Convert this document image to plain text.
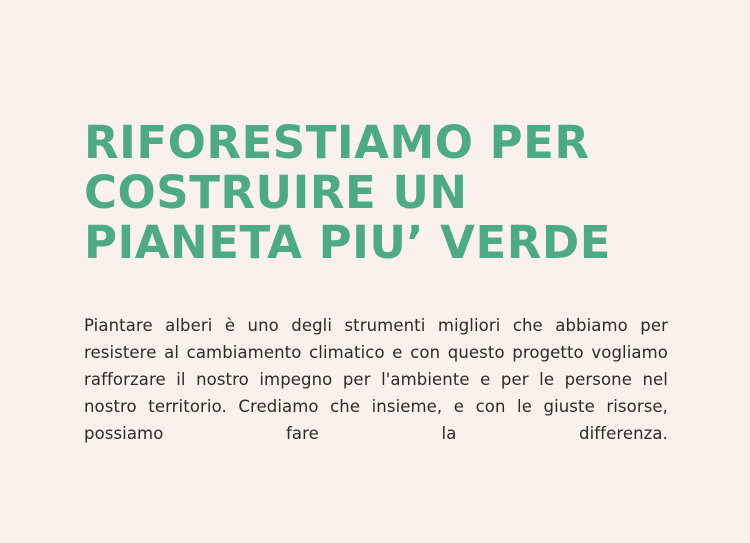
RIFORESTIAMO PER COSTRUIRE UN PIANETA PIU’ VERDE

Piantare alberi è uno degli strumenti migliori che abbiamo per resistere al cambiamento climatico e con questo progetto vogliamo rafforzare il nostro impegno per l'ambiente e per le persone nel nostro territorio. Crediamo che insieme, e con le giuste risorse, possiamo fare la differenza.
